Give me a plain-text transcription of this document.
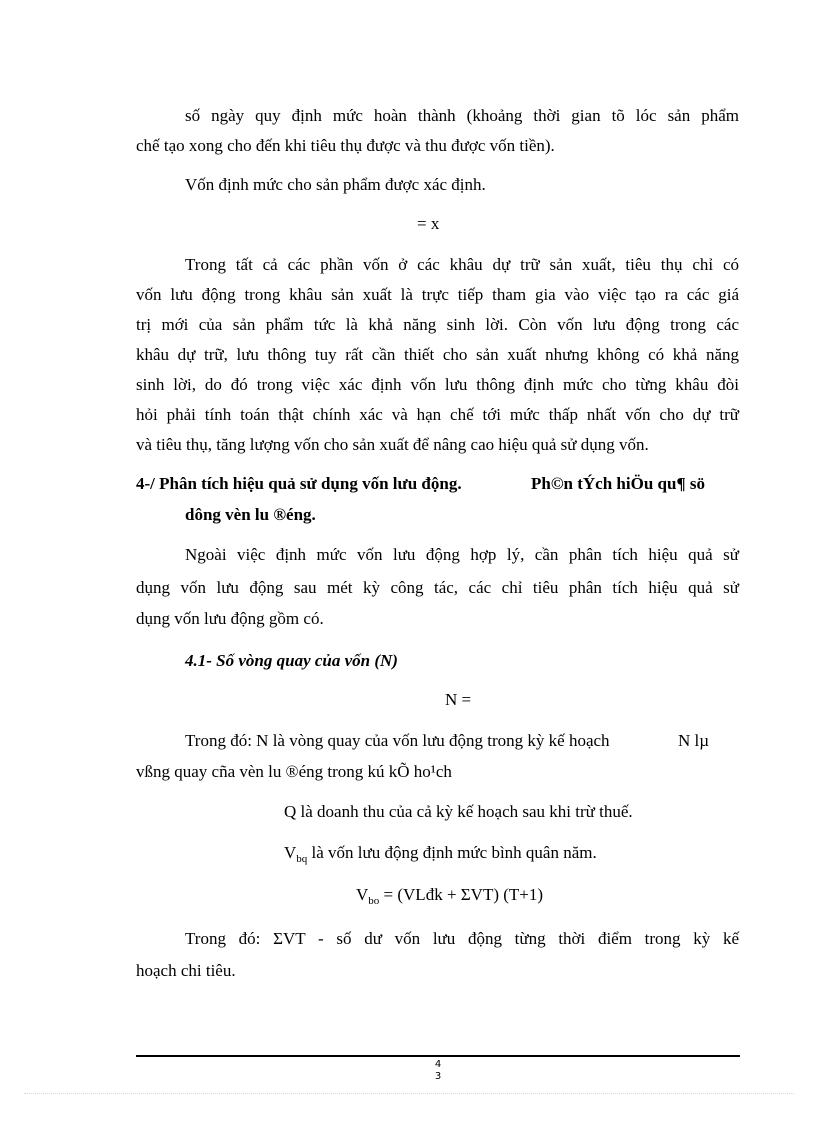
số ngày quy định mức hoàn thành (khoảng thời gian tõ lóc sản phẩm
chế tạo xong cho đến khi tiêu thụ được và thu được vốn tiền).
Vốn định mức cho sản phẩm được xác định.
= x
Trong tất cả các phần vốn ở các khâu dự trữ sản xuất, tiêu thụ chỉ có
vốn lưu động trong khâu sản xuất là trực tiếp tham gia vào việc tạo ra các giá
trị mới của sản phẩm tức là khả năng sinh lời. Còn vốn lưu động trong các
khâu dự trữ, lưu thông tuy rất cần thiết cho sản xuất nhưng không có khả năng
sinh lời, do đó trong việc xác định vốn lưu thông định mức cho từng khâu đòi
hỏi phải tính toán thật chính xác và hạn chế tới mức thấp nhất vốn cho dự trữ
và tiêu thụ, tăng lượng vốn cho sản xuất để nâng cao hiệu quả sử dụng vốn.
4-/ Phân tích hiệu quả sử dụng vốn lưu động.	Ph©n tÝch hiÖu qu¶ sö
dông vèn lu ®éng.
Ngoài việc định mức vốn lưu động hợp lý, cần phân tích hiệu quả sử
dụng vốn lưu động sau mét kỳ công tác, các chỉ tiêu phân tích hiệu quả sử
dụng vốn lưu động gồm có.
4.1- Số vòng quay của vốn (N)
N =
Trong đó: N là vòng quay của vốn lưu động trong kỳ kế hoạch	N lµ
vßng quay cña vèn lu ®éng trong kú kÕ ho¹ch
Q là doanh thu của cả kỳ kế hoạch sau khi trừ thuế.
$V_{bq}$ là vốn lưu động định mức bình quân năm.
$V_{bo}$ = (VLđk + ΣVT) (T+1)
Trong đó: ΣVT - số dư vốn lưu động từng thời điểm trong kỳ kế
hoạch chi tiêu.
4
3
